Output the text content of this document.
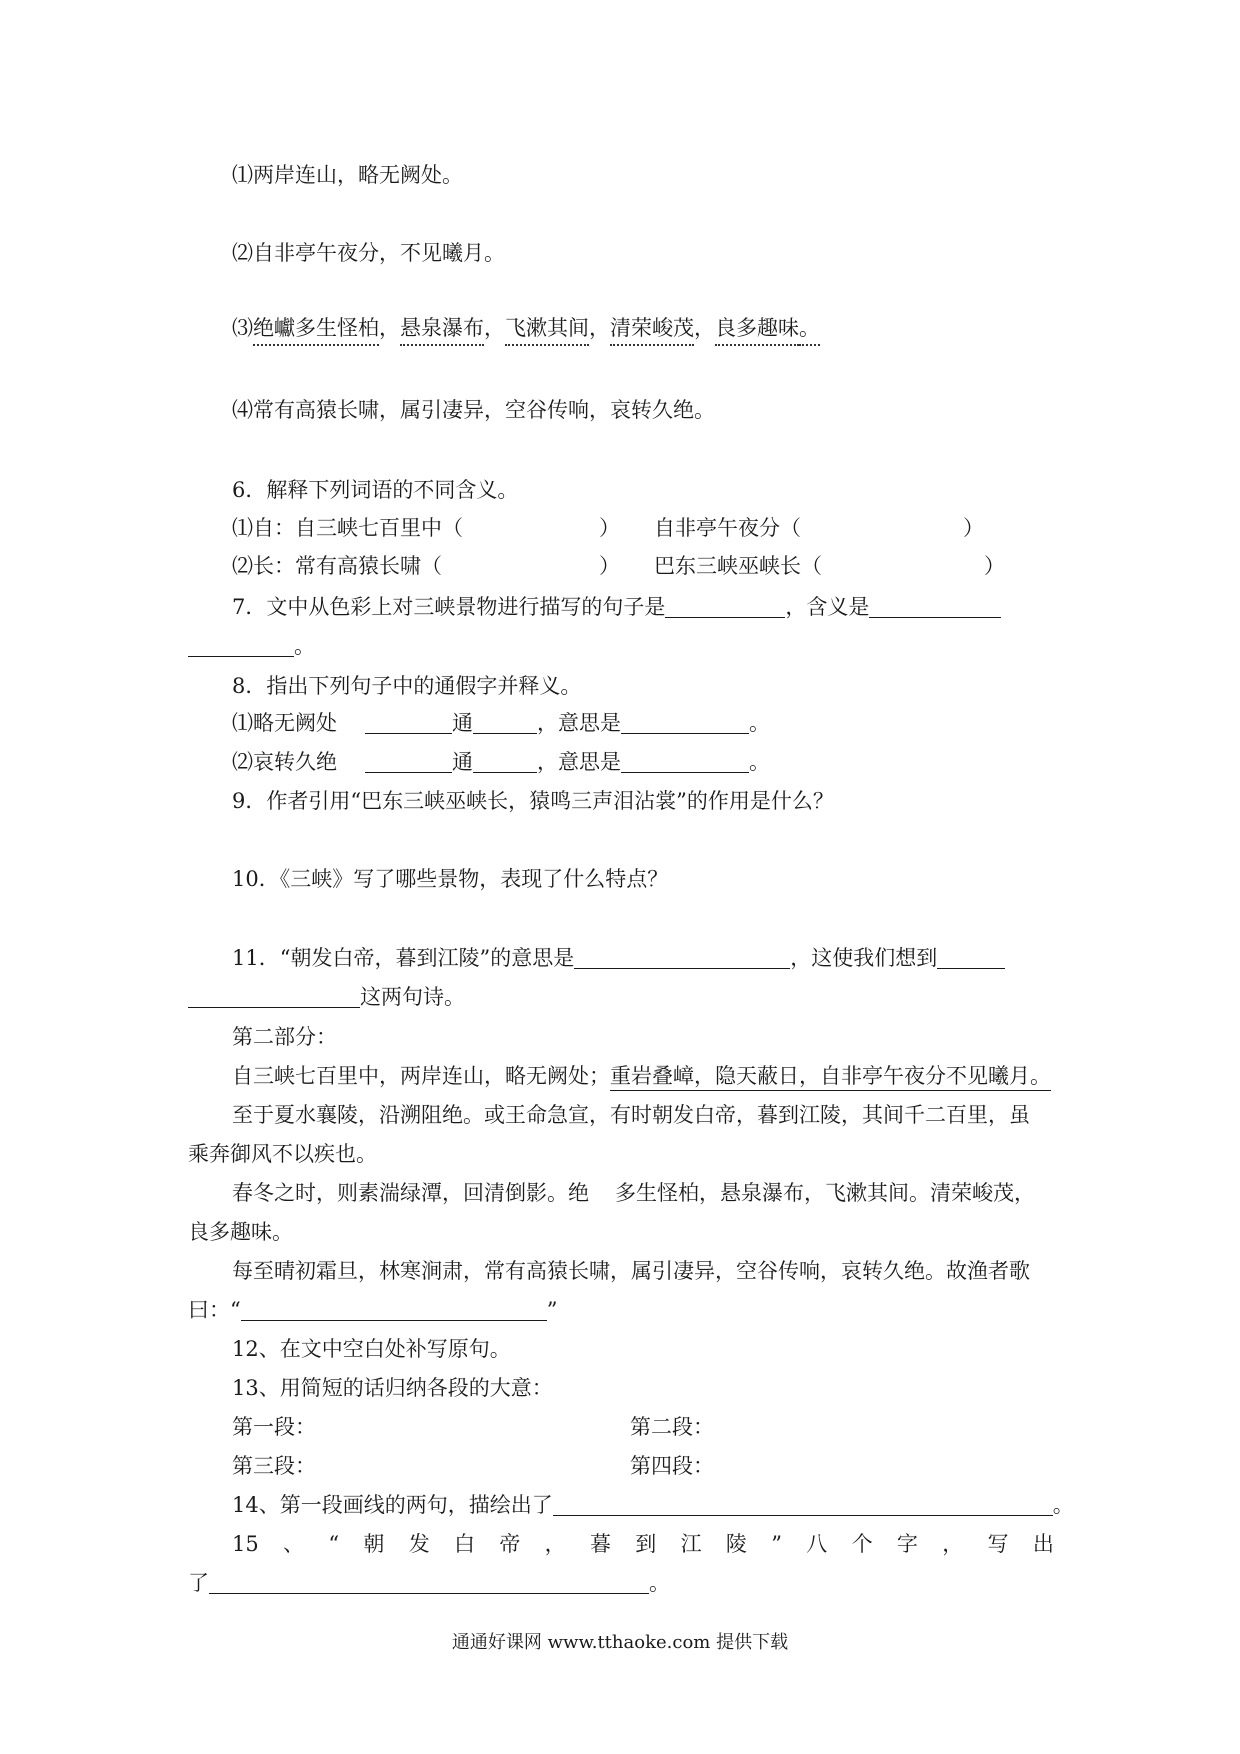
⑴两岸连山，略无阙处。
⑵自非亭午夜分，不见曦月。
⑶绝巘多生怪柏，悬泉瀑布，飞漱其间，清荣峻茂，良多趣味。
⑷常有高猿长啸，属引凄异，空谷传响，哀转久绝。
6．解释下列词语的不同含义。
⑴自：自三峡七百里中（	） 自非亭午夜分（	）
⑵长：常有高猿长啸（	） 巴东三峡巫峡长（	）
7．文中从色彩上对三峡景物进行描写的句子是	，含义是
。
8．指出下列句子中的通假字并释义。
⑴略无阙处	通	，意思是	。
⑵哀转久绝	通	，意思是	。
9．作者引用“巴东三峡巫峡长，猿鸣三声泪沾裳”的作用是什么？
10．《三峡》写了哪些景物，表现了什么特点？
11．“朝发白帝，暮到江陵”的意思是	，这使我们想到
这两句诗。
第二部分：
自三峡七百里中，两岸连山，略无阙处；重岩叠嶂，隐天蔽日，自非亭午夜分不见曦月。
至于夏水襄陵，沿溯阻绝。或王命急宣，有时朝发白帝，暮到江陵，其间千二百里，虽
乘奔御风不以疾也。
春冬之时，则素湍绿潭，回清倒影。绝 多生怪柏，悬泉瀑布，飞漱其间。清荣峻茂，
良多趣味。
每至晴初霜旦，林寒涧肃，常有高猿长啸，属引凄异，空谷传响，哀转久绝。故渔者歌
曰：“	”
12、在文中空白处补写原句。
13、用简短的话归纳各段的大意：
第一段：	第二段：
第三段：	第四段：
14、第一段画线的两句，描绘出了	。
15 、 “ 朝 发 白 帝 ， 暮 到 江 陵 ” 八 个 字 ， 写 出
了	。
通通好课网 www.tthaoke.com 提供下载
